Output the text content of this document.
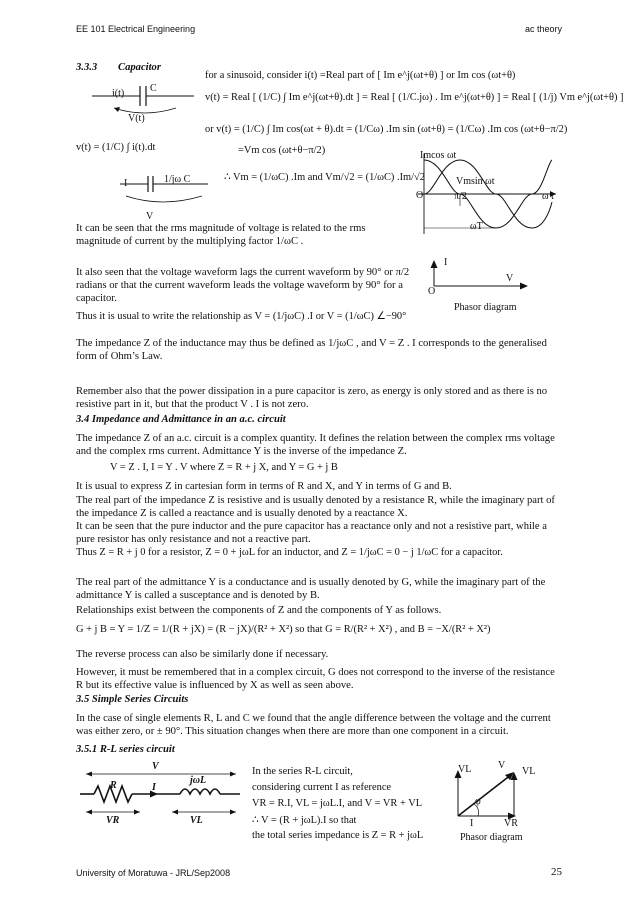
EE 101 Electrical Engineering	ac theory
3.3.3 Capacitor
i(t)	C
V(t)
for a sinusoid, consider i(t) =Real part of [ Im e^j(ωt+θ) ] or Im cos (ωt+θ)
v(t) = Real [ (1/C) ∫ Im e^j(ωt+θ).dt ] = Real [ (1/C.jω) . Im e^j(ωt+θ) ] = Real [ (1/j) Vm e^j(ωt+θ) ]
or v(t) = (1/C) ∫ Im cos(ωt + θ).dt = (1/Cω) .Im sin (ωt+θ) = (1/Cω) .Im cos (ωt+θ−π/2)
v(t) = (1/C) ∫ i(t).dt	=Vm cos (ωt+θ−π/2)
∴ Vm = (1/ωC) .Im and Vm/√2 = (1/ωC) .Im/√2
I	1/jω C
V
Imcos ωt
Vmsin ωt
O	π/2	ω t
ωT
It can be seen that the rms magnitude of voltage is related to the rms magnitude of current by the multiplying factor 1/ωC .
It also seen that the voltage waveform lags the current waveform by 90° or π/2 radians or that the current waveform leads the voltage waveform by 90° for a capacitor.
I
V
O
Phasor diagram
Thus it is usual to write the relationship as V = (1/jωC) .I or V = (1/ωC) ∠−90°
The impedance Z of the inductance may thus be defined as 1/jωC , and V = Z . I corresponds to the generalised form of Ohm’s Law.
Remember also that the power dissipation in a pure capacitor is zero, as energy is only stored and as there is no resistive part in it, but that the product V . I is not zero.
3.4 Impedance and Admittance in an a.c. circuit
The impedance Z of an a.c. circuit is a complex quantity. It defines the relation between the complex rms voltage and the complex rms current. Admittance Y is the inverse of the impedance Z.
V = Z . I, I = Y . V where Z = R + j X, and Y = G + j B
It is usual to express Z in cartesian form in terms of R and X, and Y in terms of G and B.
The real part of the impedance Z is resistive and is usually denoted by a resistance R, while the imaginary part of the impedance Z is called a reactance and is usually denoted by a reactance X.
It can be seen that the pure inductor and the pure capacitor has a reactance only and not a resistive part, while a pure resistor has only resistance and not a reactive part.
Thus Z = R + j 0 for a resistor, Z = 0 + jωL for an inductor, and Z = 1/jωC = 0 − j 1/ωC for a capacitor.
The real part of the admittance Y is a conductance and is usually denoted by G, while the imaginary part of the admittance Y is called a susceptance and is denoted by B.
Relationships exist between the components of Z and the components of Y as follows.
G + j B = Y = 1/Z = 1/(R + jX) = (R − jX)/(R² + X²) so that G = R/(R² + X²) , and B = −X/(R² + X²)
The reverse process can also be similarly done if necessary.
However, it must be remembered that in a complex circuit, G does not correspond to the inverse of the resistance R but its effective value is influenced by X as well as seen above.
3.5 Simple Series Circuits
In the case of single elements R, L and C we found that the angle difference between the voltage and the current was either zero, or ± 90°. This situation changes when there are more than one component in a circuit.
3.5.1 R-L series circuit
V
R	I
jωL
VR	VL
In the series R-L circuit,
considering current I as reference
VR = R.I, VL = jωL.I, and V = VR + VL
∴ V = (R + jωL).I so that
the total series impedance is Z = R + jωL
VL	V
VL
φ
I	VR
Phasor diagram
University of Moratuwa - JRL/Sep2008	25
